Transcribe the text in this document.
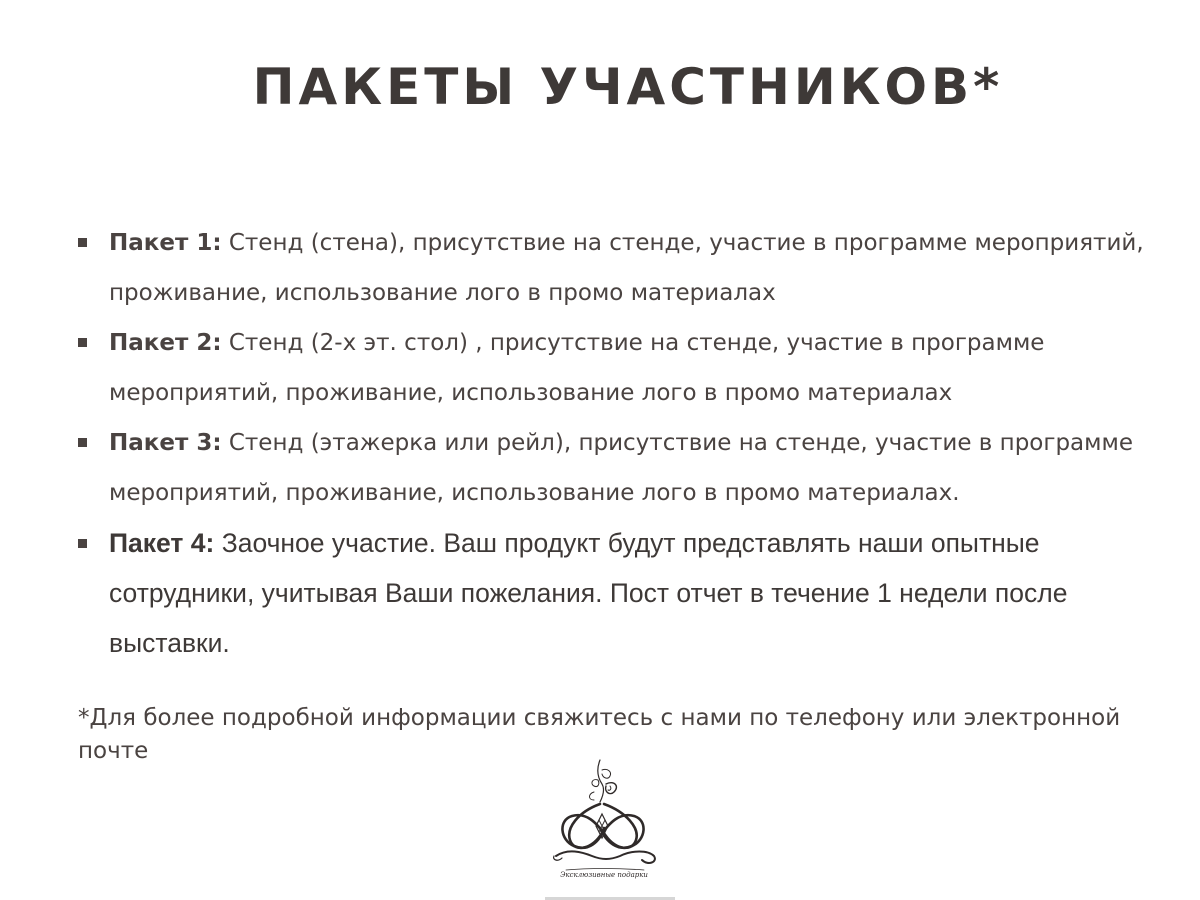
ПАКЕТЫ УЧАСТНИКОВ*
Пакет 1: Стенд (стена), присутствие на стенде, участие в программе мероприятий, проживание, использование лого в промо материалах
Пакет 2: Стенд (2-х эт. стол) , присутствие на стенде, участие в программе мероприятий, проживание, использование лого в промо материалах
Пакет 3: Стенд (этажерка или рейл), присутствие на стенде, участие в программе мероприятий, проживание, использование лого в промо материалах.
Пакет 4: Заочное участие. Ваш продукт будут представлять наши опытные сотрудники, учитывая Ваши пожелания. Пост отчет в течение 1 недели после выставки.
*Для более подробной информации свяжитесь с нами по телефону или электронной почте
Эксклюзивные подарки
